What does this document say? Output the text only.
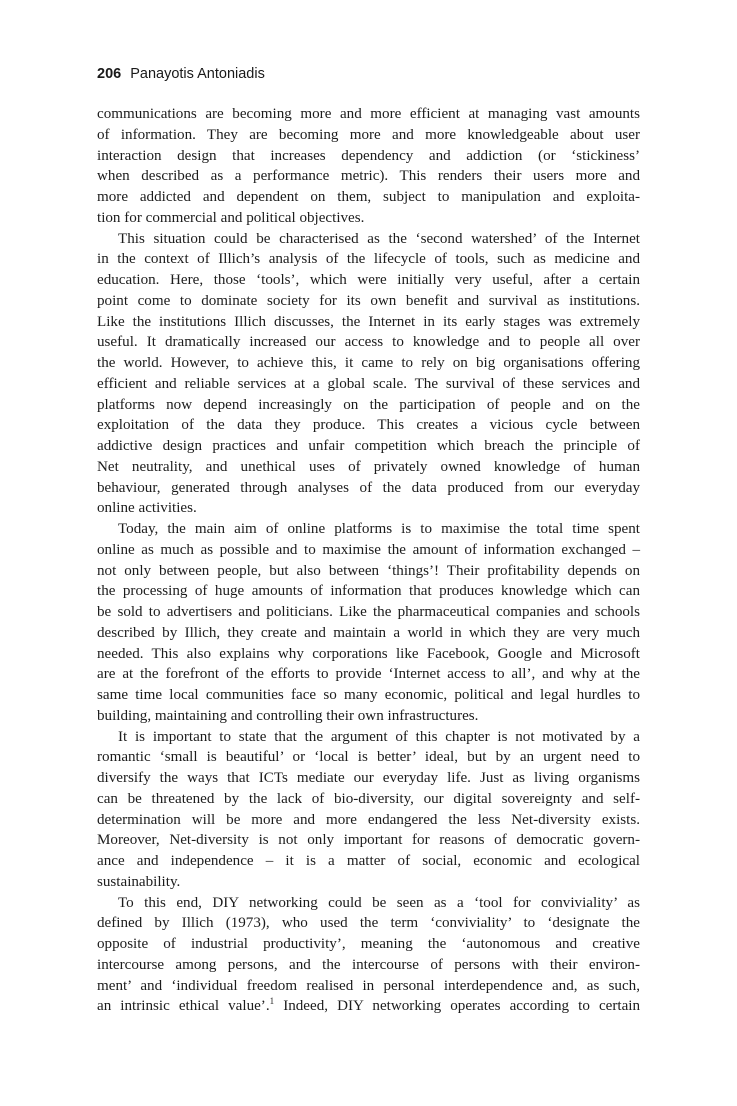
206 Panayotis Antoniadis
communications are becoming more and more efficient at managing vast amounts
of information. They are becoming more and more knowledgeable about user
interaction design that increases dependency and addiction (or ‘stickiness’
when described as a performance metric). This renders their users more and
more addicted and dependent on them, subject to manipulation and exploita-
tion for commercial and political objectives.
This situation could be characterised as the ‘second watershed’ of the Internet
in the context of Illich’s analysis of the lifecycle of tools, such as medicine and
education. Here, those ‘tools’, which were initially very useful, after a certain
point come to dominate society for its own benefit and survival as institutions.
Like the institutions Illich discusses, the Internet in its early stages was extremely
useful. It dramatically increased our access to knowledge and to people all over
the world. However, to achieve this, it came to rely on big organisations offering
efficient and reliable services at a global scale. The survival of these services and
platforms now depend increasingly on the participation of people and on the
exploitation of the data they produce. This creates a vicious cycle between
addictive design practices and unfair competition which breach the principle of
Net neutrality, and unethical uses of privately owned knowledge of human
behaviour, generated through analyses of the data produced from our everyday
online activities.
Today, the main aim of online platforms is to maximise the total time spent
online as much as possible and to maximise the amount of information exchanged –
not only between people, but also between ‘things’! Their profitability depends on
the processing of huge amounts of information that produces knowledge which can
be sold to advertisers and politicians. Like the pharmaceutical companies and schools
described by Illich, they create and maintain a world in which they are very much
needed. This also explains why corporations like Facebook, Google and Microsoft
are at the forefront of the efforts to provide ‘Internet access to all’, and why at the
same time local communities face so many economic, political and legal hurdles to
building, maintaining and controlling their own infrastructures.
It is important to state that the argument of this chapter is not motivated by a
romantic ‘small is beautiful’ or ‘local is better’ ideal, but by an urgent need to
diversify the ways that ICTs mediate our everyday life. Just as living organisms
can be threatened by the lack of bio-diversity, our digital sovereignty and self-
determination will be more and more endangered the less Net-diversity exists.
Moreover, Net-diversity is not only important for reasons of democratic govern-
ance and independence – it is a matter of social, economic and ecological
sustainability.
To this end, DIY networking could be seen as a ‘tool for conviviality’ as
defined by Illich (1973), who used the term ‘conviviality’ to ‘designate the
opposite of industrial productivity’, meaning the ‘autonomous and creative
intercourse among persons, and the intercourse of persons with their environ-
ment’ and ‘individual freedom realised in personal interdependence and, as such,
an intrinsic ethical value’.$^1$ Indeed, DIY networking operates according to certain
